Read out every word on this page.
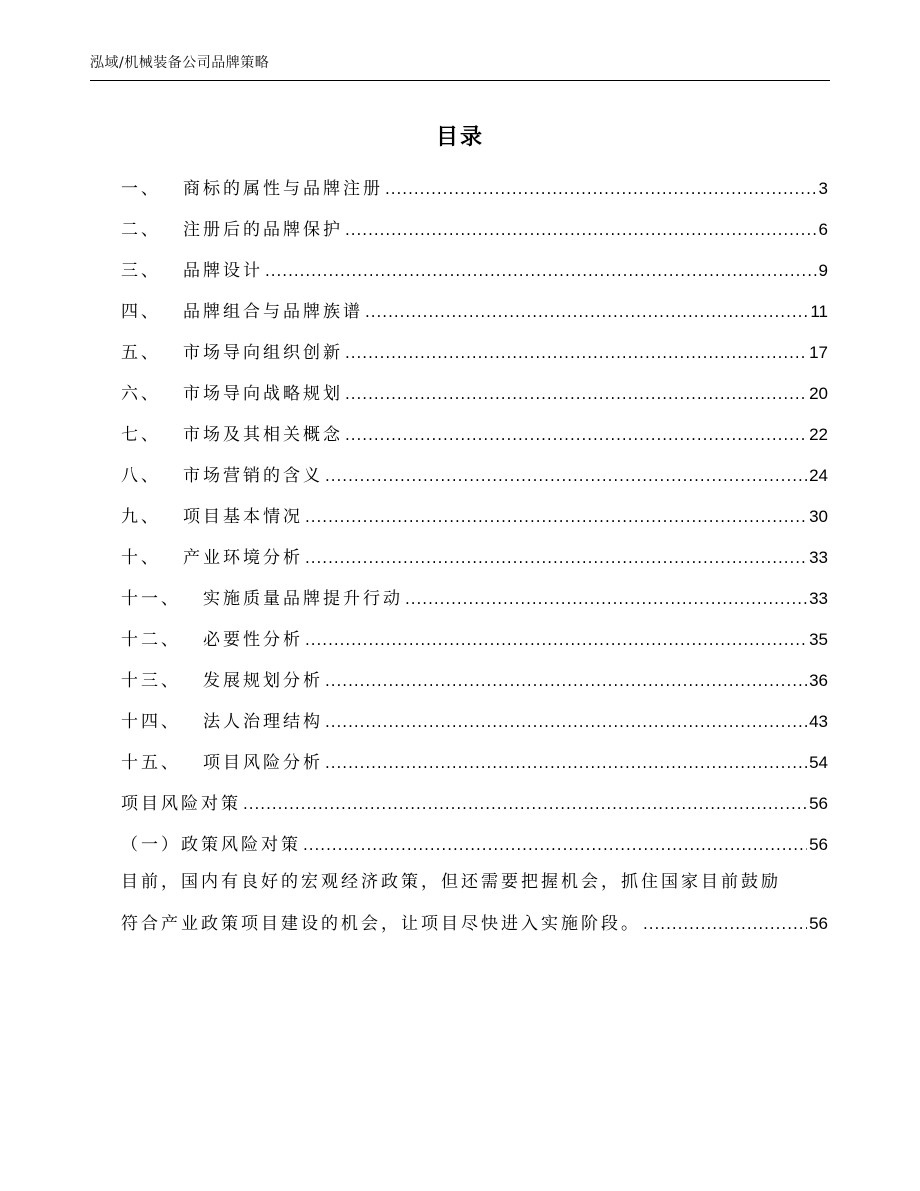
泓域/机械装备公司品牌策略
目录
一、 商标的属性与品牌注册 .....	3
二、 注册后的品牌保护 .....	6
三、 品牌设计 .....	9
四、 品牌组合与品牌族谱 .....	11
五、 市场导向组织创新 .....	17
六、 市场导向战略规划 .....	20
七、 市场及其相关概念 .....	22
八、 市场营销的含义 .....	24
九、 项目基本情况 .....	30
十、 产业环境分析 .....	33
十一、 实施质量品牌提升行动 .....	33
十二、 必要性分析 .....	35
十三、 发展规划分析 .....	36
十四、 法人治理结构 .....	43
十五、 项目风险分析 .....	54
项目风险对策 .....	56
（一）政策风险对策 .....	56
目前，国内有良好的宏观经济政策，但还需要把握机会，抓住国家目前鼓励
符合产业政策项目建设的机会，让项目尽快进入实施阶段。 .....	56
